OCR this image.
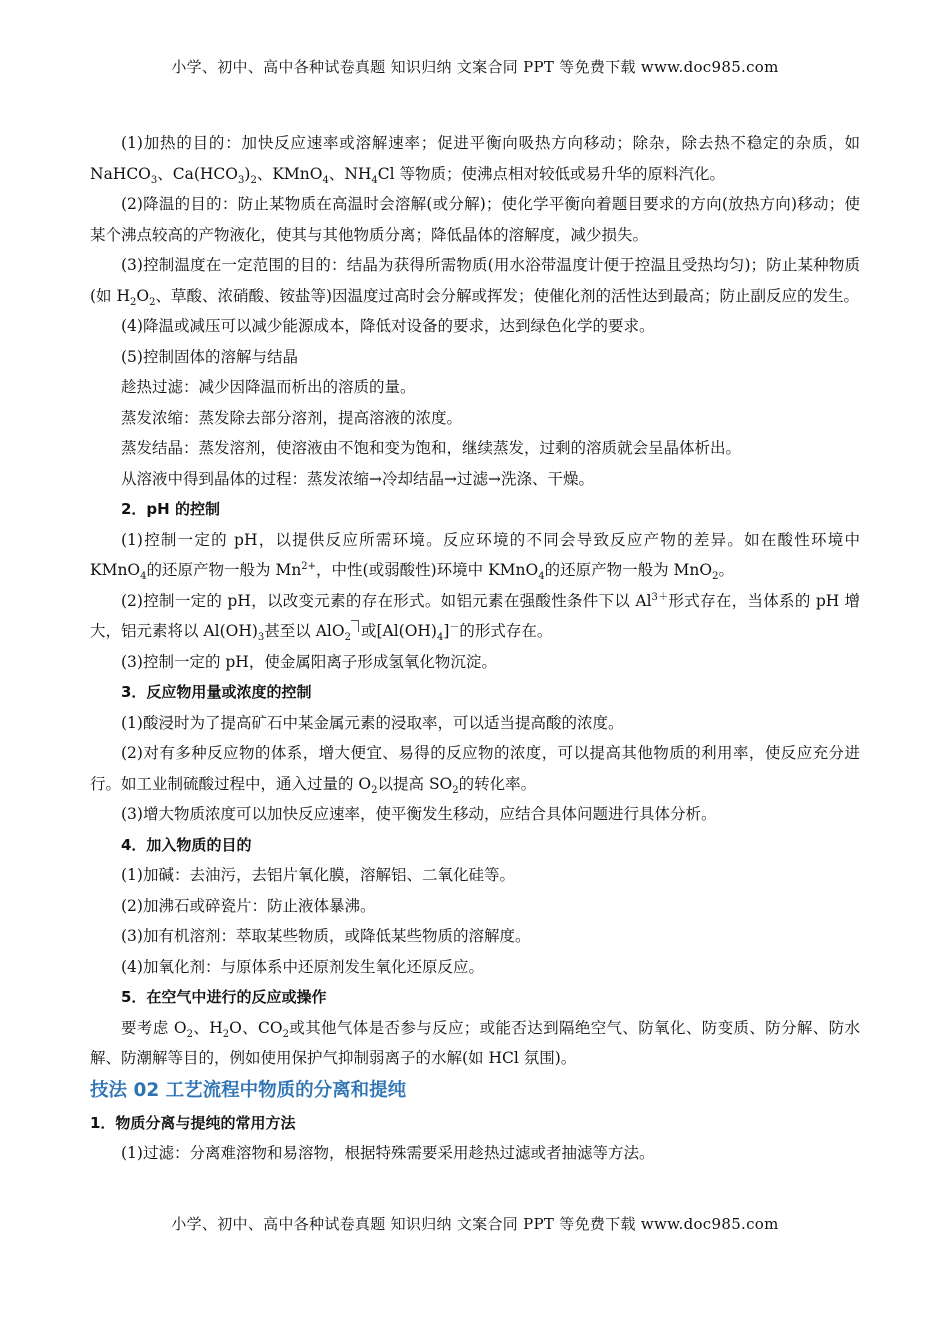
小学、初中、高中各种试卷真题 知识归纳 文案合同 PPT 等免费下载 www.doc985.com

(1)加热的目的：加快反应速率或溶解速率；促进平衡向吸热方向移动；除杂，除去热不稳定的杂质，如 NaHCO$_3$、$Ca(HCO_3)_2$、KMnO$_4$、$NH_4Cl$ 等物质；使沸点相对较低或易升华的原料汽化。

(2)降温的目的：防止某物质在高温时会溶解(或分解)；使化学平衡向着题目要求的方向(放热方向)移动；使某个沸点较高的产物液化，使其与其他物质分离；降低晶体的溶解度，减少损失。

(3)控制温度在一定范围的目的：结晶为获得所需物质(用水浴带温度计便于控温且受热均匀)；防止某种物质(如 $H_2O_2$、草酸、浓硝酸、铵盐等)因温度过高时会分解或挥发；使催化剂的活性达到最高；防止副反应的发生。

(4)降温或减压可以减少能源成本，降低对设备的要求，达到绿色化学的要求。

(5)控制固体的溶解与结晶

趁热过滤：减少因降温而析出的溶质的量。

蒸发浓缩：蒸发除去部分溶剂，提高溶液的浓度。

蒸发结晶：蒸发溶剂，使溶液由不饱和变为饱和，继续蒸发，过剩的溶质就会呈晶体析出。

从溶液中得到晶体的过程：蒸发浓缩→冷却结晶→过滤→洗涤、干燥。

2．pH 的控制

(1)控制一定的 pH，以提供反应所需环境。反应环境的不同会导致反应产物的差异。如在酸性环境中 KMnO$_4$的还原产物一般为 $Mn^{2+}$，中性(或弱酸性)环境中 KMnO$_4$的还原产物一般为 MnO$_2$。

(2)控制一定的 pH，以改变元素的存在形式。如铝元素在强酸性条件下以 $Al^{3+}$形式存在，当体系的 pH 增大，铝元素将以 $Al(OH)_3$甚至以 AlO$_2$ 或$[Al(OH)_4]^-$的形式存在。

(3)控制一定的 pH，使金属阳离子形成氢氧化物沉淀。

3．反应物用量或浓度的控制

(1)酸浸时为了提高矿石中某金属元素的浸取率，可以适当提高酸的浓度。

(2)对有多种反应物的体系，增大便宜、易得的反应物的浓度，可以提高其他物质的利用率，使反应充分进行。如工业制硫酸过程中，通入过量的 $O_2$以提高 $SO_2$的转化率。

(3)增大物质浓度可以加快反应速率，使平衡发生移动，应结合具体问题进行具体分析。

4．加入物质的目的

(1)加碱：去油污，去铝片氧化膜，溶解铝、二氧化硅等。

(2)加沸石或碎瓷片：防止液体暴沸。

(3)加有机溶剂：萃取某些物质，或降低某些物质的溶解度。

(4)加氧化剂：与原体系中还原剂发生氧化还原反应。

5．在空气中进行的反应或操作

要考虑 $O_2$、$H_2O$、$CO_2$或其他气体是否参与反应；或能否达到隔绝空气、防氧化、防变质、防分解、防水解、防潮解等目的，例如使用保护气抑制弱离子的水解(如 HCl 氛围)。

技法 02 工艺流程中物质的分离和提纯

1．物质分离与提纯的常用方法

(1)过滤：分离难溶物和易溶物，根据特殊需要采用趁热过滤或者抽滤等方法。

小学、初中、高中各种试卷真题 知识归纳 文案合同 PPT 等免费下载 www.doc985.com
